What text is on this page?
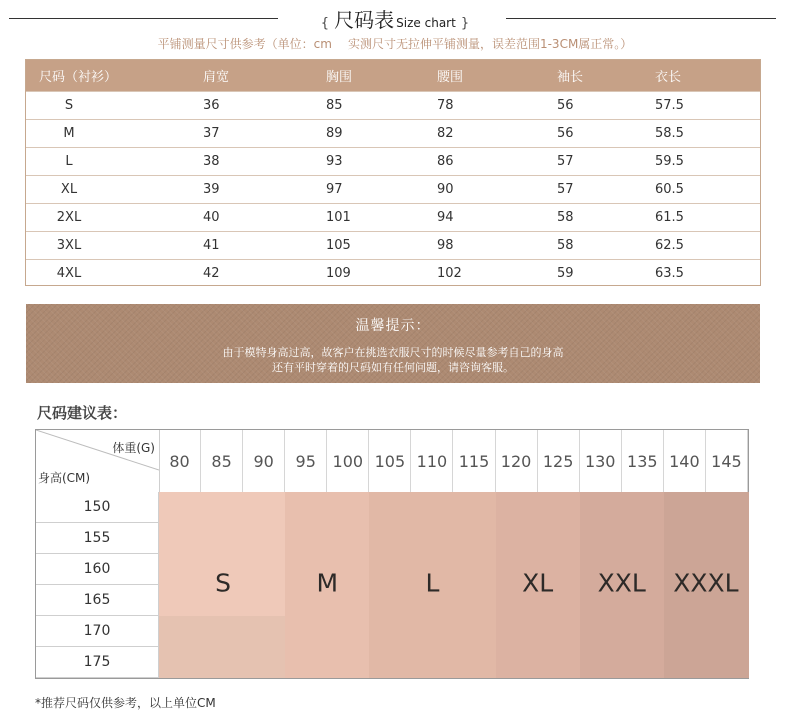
{ 尺码表 Size chart }
平铺测量尺寸供参考（单位：cm 实测尺寸无拉伸平铺测量，误差范围1-3CM属正常。）
尺码（衬衫）	肩宽	胸围	腰围	袖长	衣长
S	36	85	78	56	57.5
M	37	89	82	56	58.5
L	38	93	86	57	59.5
XL	39	97	90	57	60.5
2XL	40	101	94	58	61.5
3XL	41	105	98	58	62.5
4XL	42	109	102	59	63.5
温馨提示：
由于模特身高过高，故客户在挑选衣服尺寸的时候尽量参考自己的身高
还有平时穿着的尺码如有任何问题，请咨询客服。
尺码建议表：
体重(G)
身高(CM)
80	85	90	95	100 105 110 115 120 125 130 135 140 145
150
155
160
165
170
175
S	M	L	XL XXL XXXL
*推荐尺码仅供参考，以上单位CM
